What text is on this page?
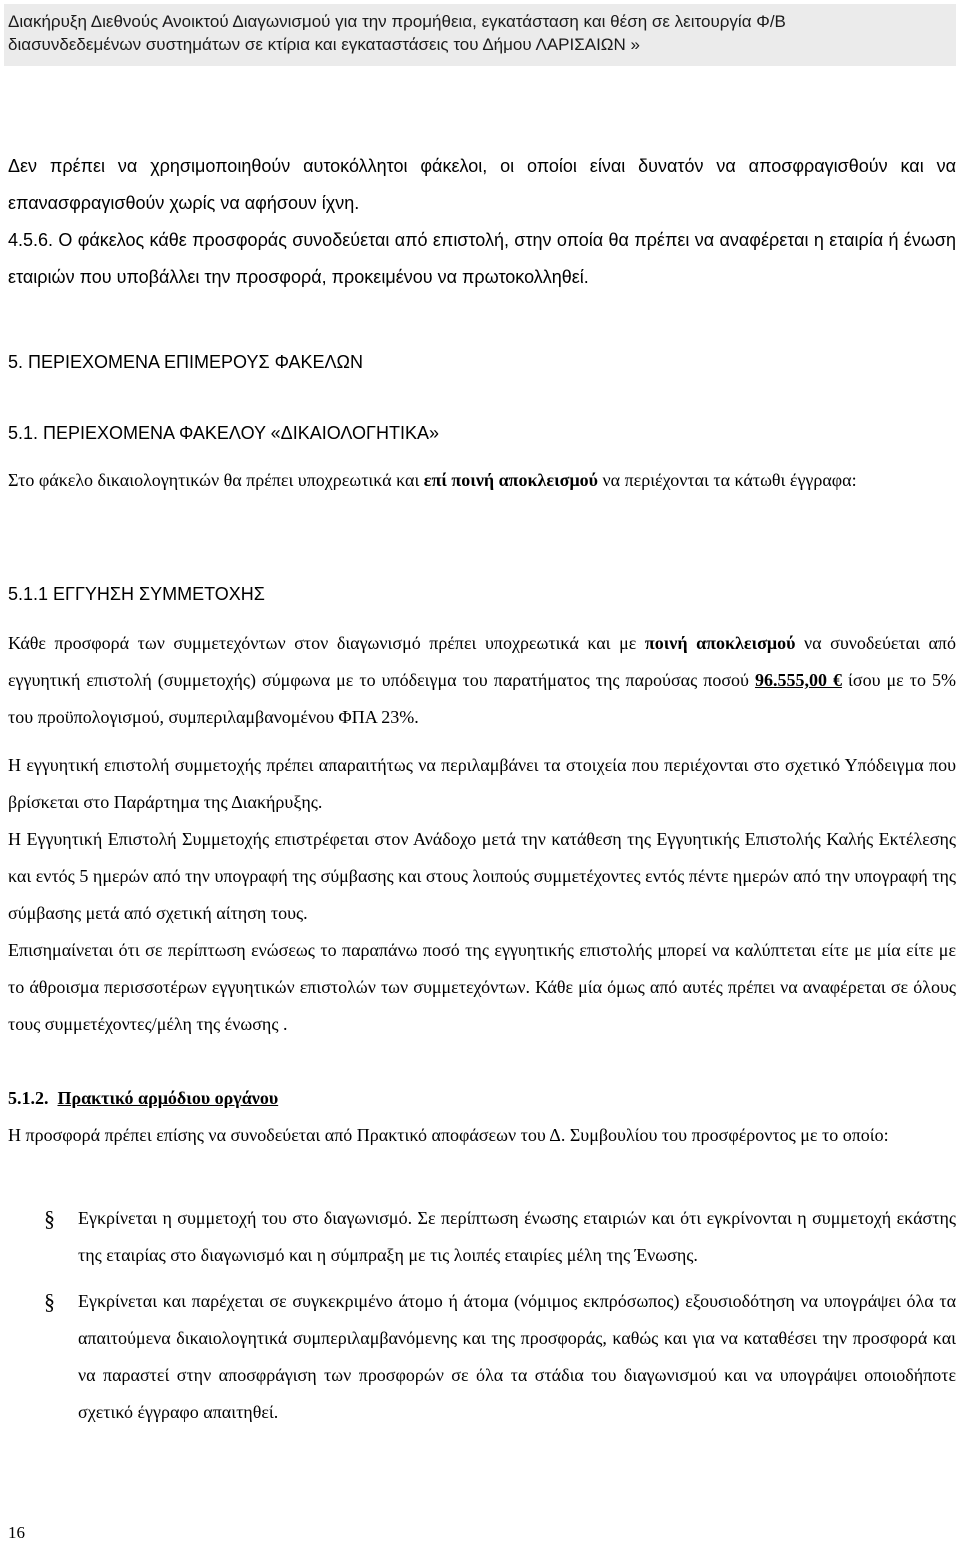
Διακήρυξη Διεθνούς Ανοικτού Διαγωνισμού για την προμήθεια, εγκατάσταση και θέση σε λειτουργία Φ/Β
διασυνδεδεμένων συστημάτων σε κτίρια και εγκαταστάσεις του Δήμου ΛΑΡΙΣΑΙΩΝ »

Δεν πρέπει να χρησιμοποιηθούν αυτοκόλλητοι φάκελοι, οι οποίοι είναι δυνατόν να αποσφραγισθούν και να επανασφραγισθούν χωρίς να αφήσουν ίχνη.

4.5.6. Ο φάκελος κάθε προσφοράς συνοδεύεται από επιστολή, στην οποία θα πρέπει να αναφέρεται η εταιρία ή ένωση εταιριών που υποβάλλει την προσφορά, προκειμένου να πρωτοκολληθεί.

5. ΠΕΡΙΕΧΟΜΕΝΑ ΕΠΙΜΕΡΟΥΣ ΦΑΚΕΛΩΝ
5.1. ΠΕΡΙΕΧΟΜΕΝΑ ΦΑΚΕΛΟΥ «ΔΙΚΑΙΟΛΟΓΗΤΙΚΑ»

Στο φάκελο δικαιολογητικών θα πρέπει υποχρεωτικά και επί ποινή αποκλεισμού να περιέχονται τα κάτωθι έγγραφα:

5.1.1 ΕΓΓΥΗΣΗ ΣΥΜΜΕΤΟΧΗΣ

Κάθε προσφορά των συμμετεχόντων στον διαγωνισμό πρέπει υποχρεωτικά και με ποινή αποκλεισμού να συνοδεύεται από εγγυητική επιστολή (συμμετοχής) σύμφωνα με το υπόδειγμα του παρατήματος της παρούσας ποσού 96.555,00 € ίσου με το 5% του προϋπολογισμού, συμπεριλαμβανομένου ΦΠΑ 23%.

Η εγγυητική επιστολή συμμετοχής πρέπει απαραιτήτως να περιλαμβάνει τα στοιχεία που περιέχονται στο σχετικό Υπόδειγμα που βρίσκεται στο Παράρτημα της Διακήρυξης.

Η Εγγυητική Επιστολή Συμμετοχής επιστρέφεται στον Ανάδοχο μετά την κατάθεση της Εγγυητικής Επιστολής Καλής Εκτέλεσης και εντός 5 ημερών από την υπογραφή της σύμβασης και στους λοιπούς συμμετέχοντες εντός πέντε ημερών από την υπογραφή της σύμβασης μετά από σχετική αίτηση τους.

Επισημαίνεται ότι σε περίπτωση ενώσεως το παραπάνω ποσό της εγγυητικής επιστολής μπορεί να καλύπτεται είτε με μία είτε με το άθροισμα περισσοτέρων εγγυητικών επιστολών των συμμετεχόντων. Κάθε μία όμως από αυτές πρέπει να αναφέρεται σε όλους τους συμμετέχοντες/μέλη της ένωσης .

5.1.2. Πρακτικό αρμόδιου οργάνου

Η προσφορά πρέπει επίσης να συνοδεύεται από Πρακτικό αποφάσεων του Δ. Συμβουλίου του προσφέροντος με το οποίο:

§ Εγκρίνεται η συμμετοχή του στο διαγωνισμό. Σε περίπτωση ένωσης εταιριών και ότι εγκρίνονται η συμμετοχή εκάστης της εταιρίας στο διαγωνισμό και η σύμπραξη με τις λοιπές εταιρίες μέλη της Ένωσης.
§ Εγκρίνεται και παρέχεται σε συγκεκριμένο άτομο ή άτομα (νόμιμος εκπρόσωπος) εξουσιοδότηση να υπογράψει όλα τα απαιτούμενα δικαιολογητικά συμπεριλαμβανόμενης και της προσφοράς, καθώς και για να καταθέσει την προσφορά και να παραστεί στην αποσφράγιση των προσφορών σε όλα τα στάδια του διαγωνισμού και να υπογράψει οποιοδήποτε σχετικό έγγραφο απαιτηθεί.
16
